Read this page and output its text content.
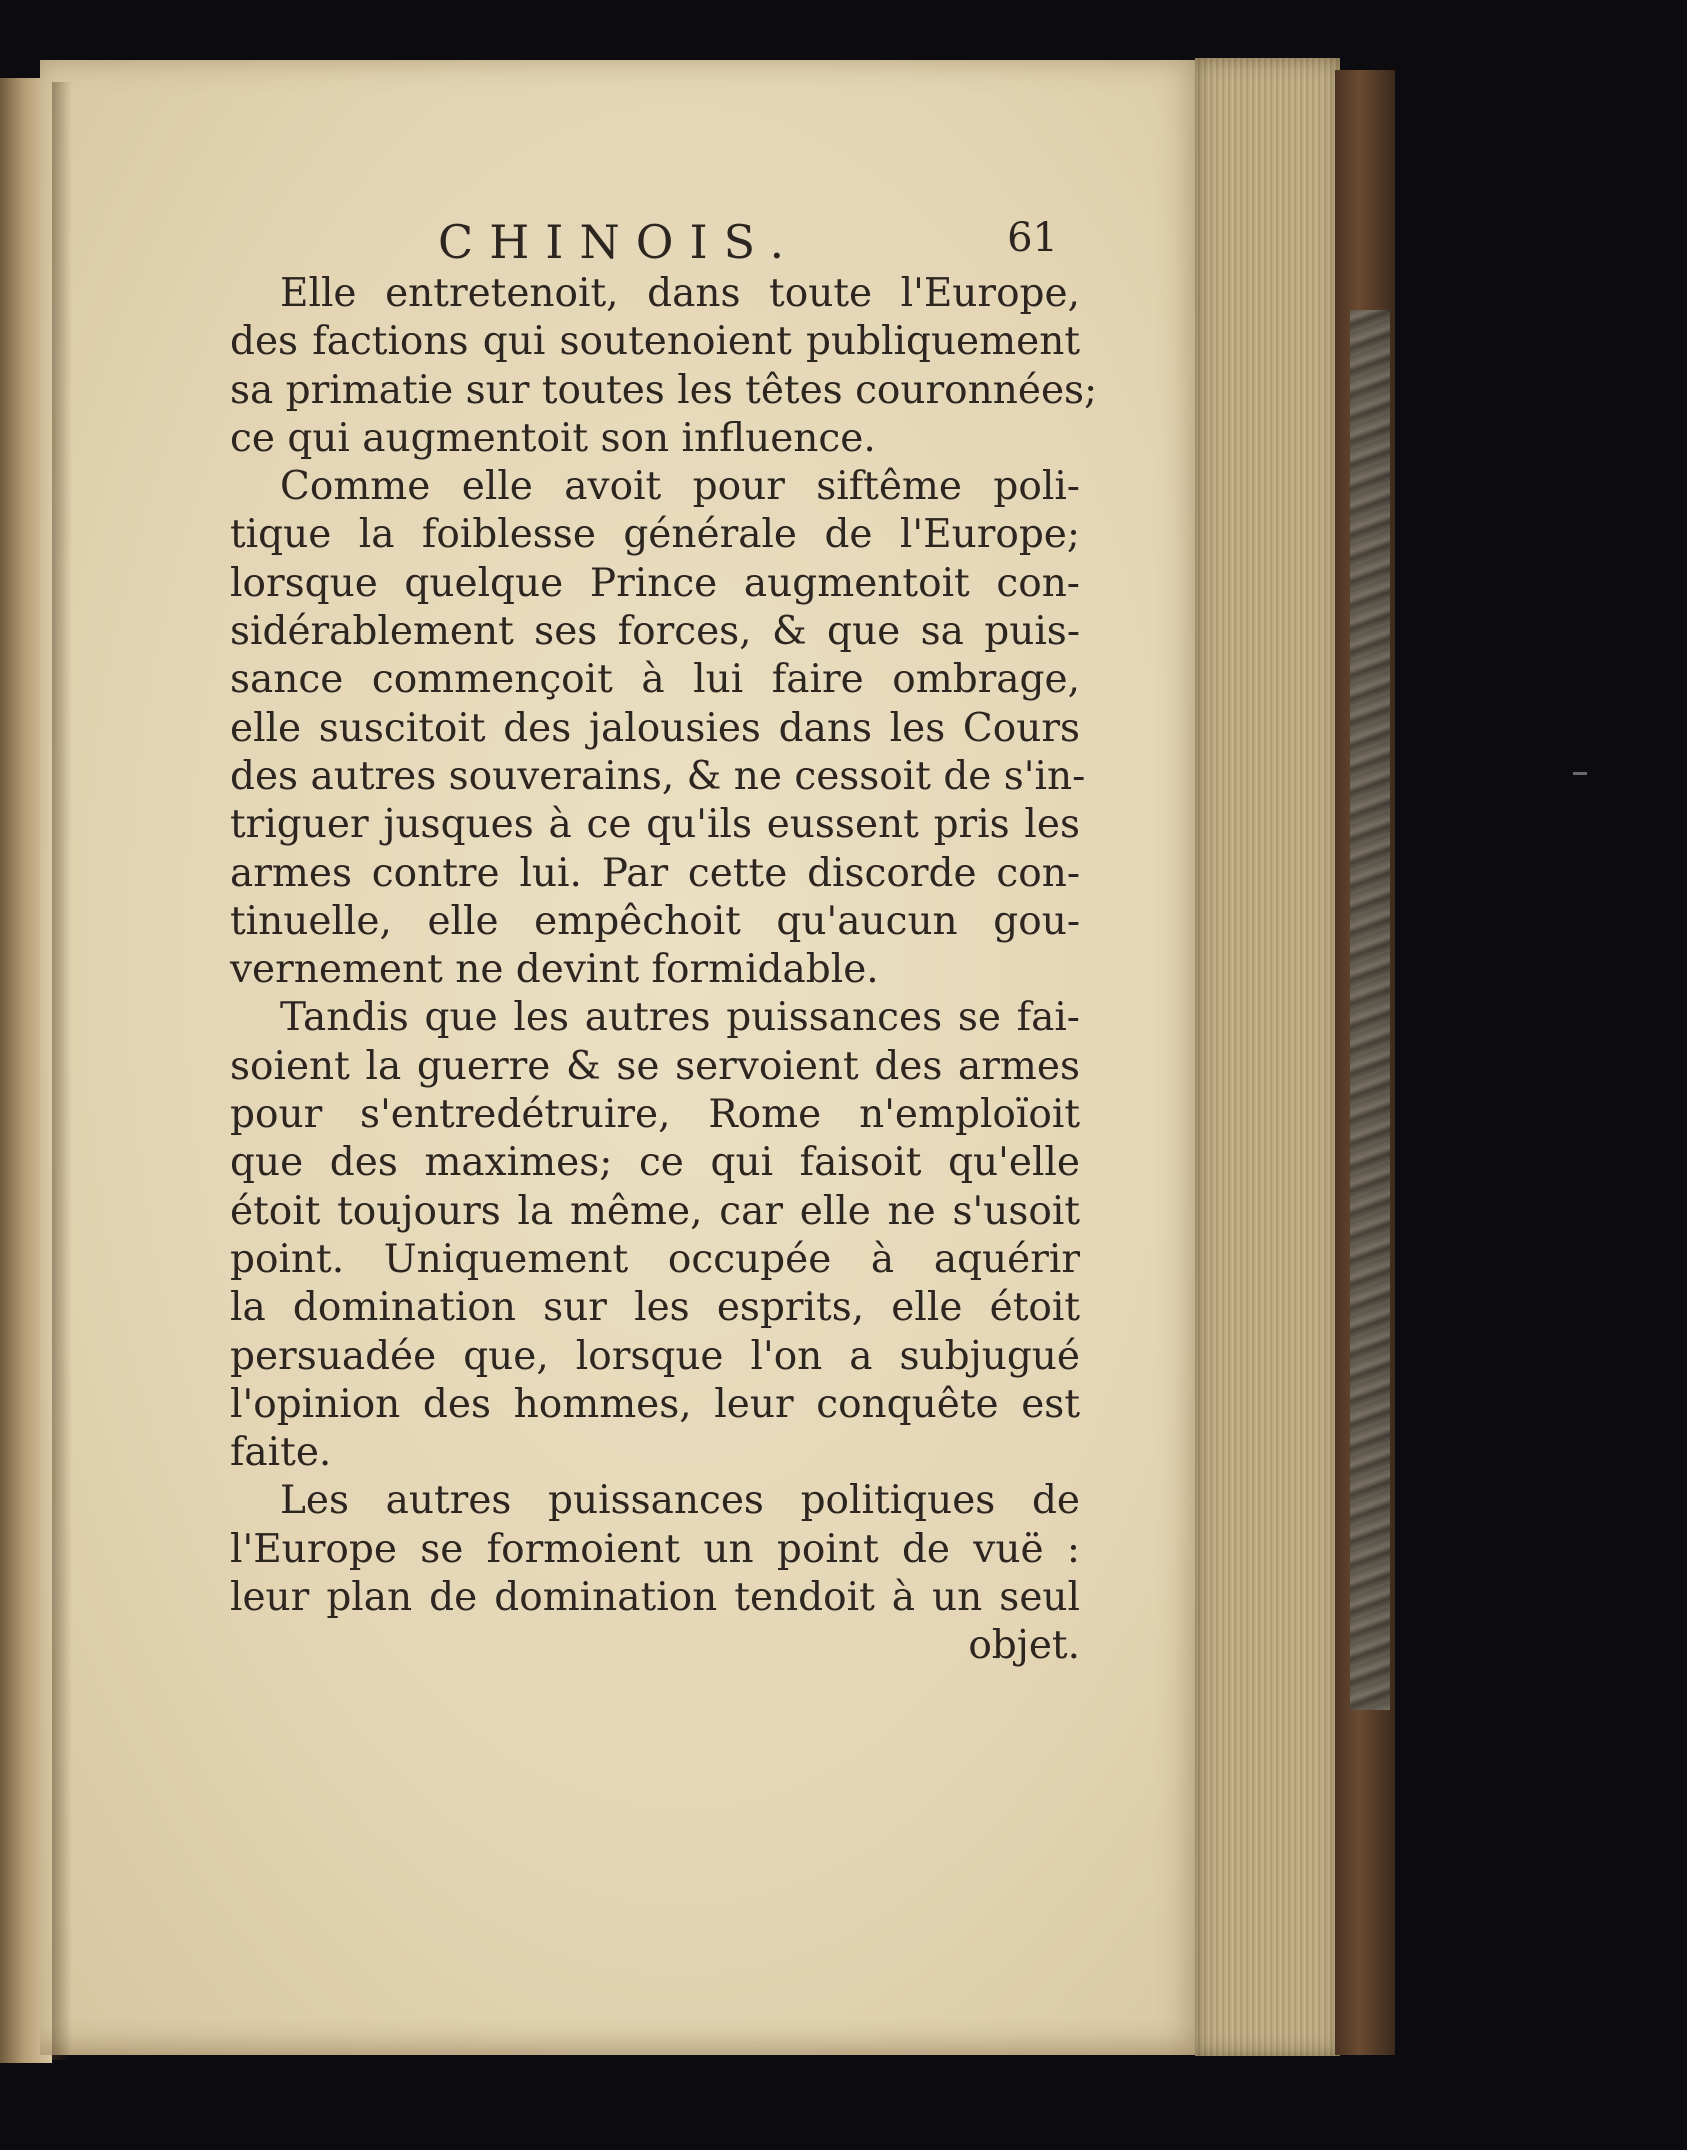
CHINOIS.	61
Elle entretenoit, dans toute l'Europe,
des factions qui soutenoient publiquement
sa primatie sur toutes les têtes couronnées;
ce qui augmentoit son influence.
Comme elle avoit pour siftême poli-
tique la foiblesse générale de l'Europe;
lorsque quelque Prince augmentoit con-
sidérablement ses forces, & que sa puis-
sance commençoit à lui faire ombrage,
elle suscitoit des jalousies dans les Cours
des autres souverains, & ne cessoit de s'in-
triguer jusques à ce qu'ils eussent pris les
armes contre lui. Par cette discorde con-
tinuelle, elle empêchoit qu'aucun gou-
vernement ne devint formidable.
Tandis que les autres puissances se fai-
soient la guerre & se servoient des armes
pour s'entredétruire, Rome n'emploïoit
que des maximes; ce qui faisoit qu'elle
étoit toujours la même, car elle ne s'usoit
point. Uniquement occupée à aquérir
la domination sur les esprits, elle étoit
persuadée que, lorsque l'on a subjugué
l'opinion des hommes, leur conquête est
faite.
Les autres puissances politiques de
l'Europe se formoient un point de vuë :
leur plan de domination tendoit à un seul
objet.
